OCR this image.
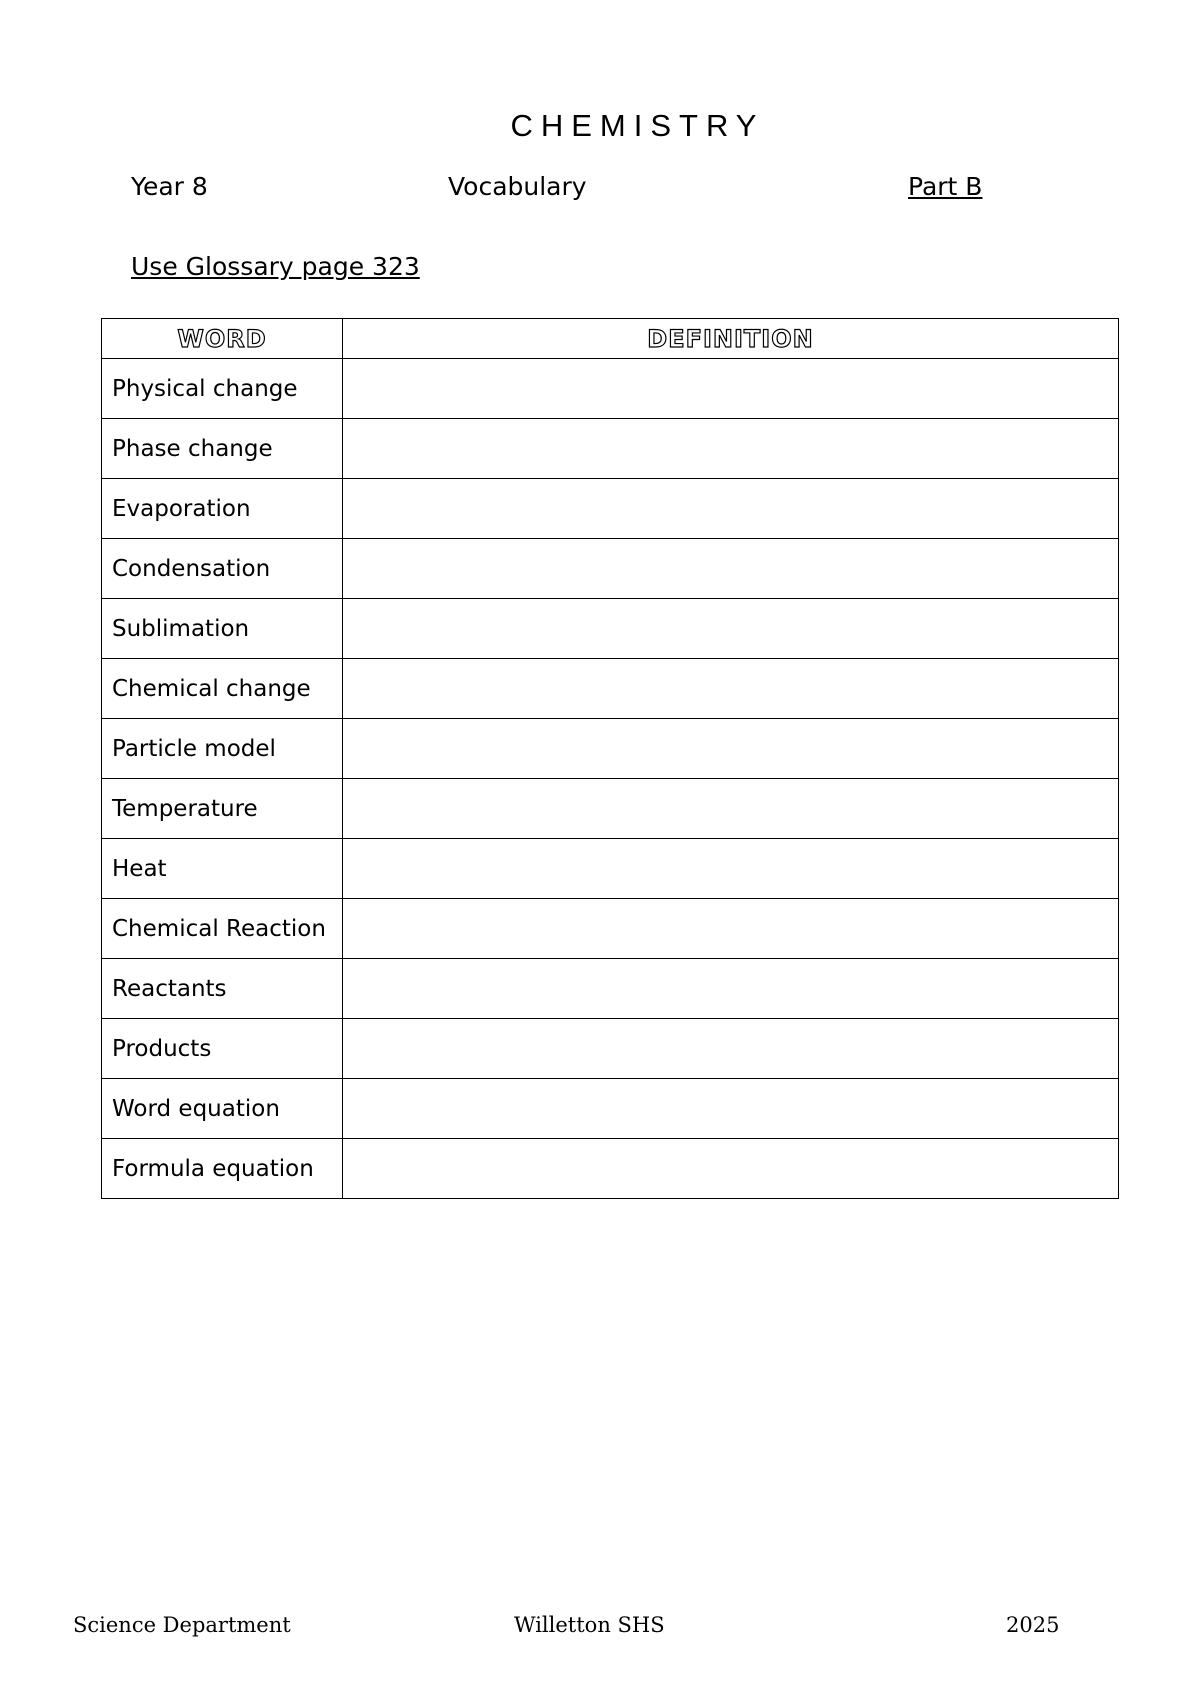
CHEMISTRY
Year 8	Vocabulary	Part B
Use Glossary page 323
WORD	DEFINITION
Physical change	
Phase change	
Evaporation	
Condensation	
Sublimation	
Chemical change	
Particle model	
Temperature	
Heat	
Chemical Reaction	
Reactants	
Products	
Word equation	
Formula equation	
Science Department	Willetton SHS	2025
